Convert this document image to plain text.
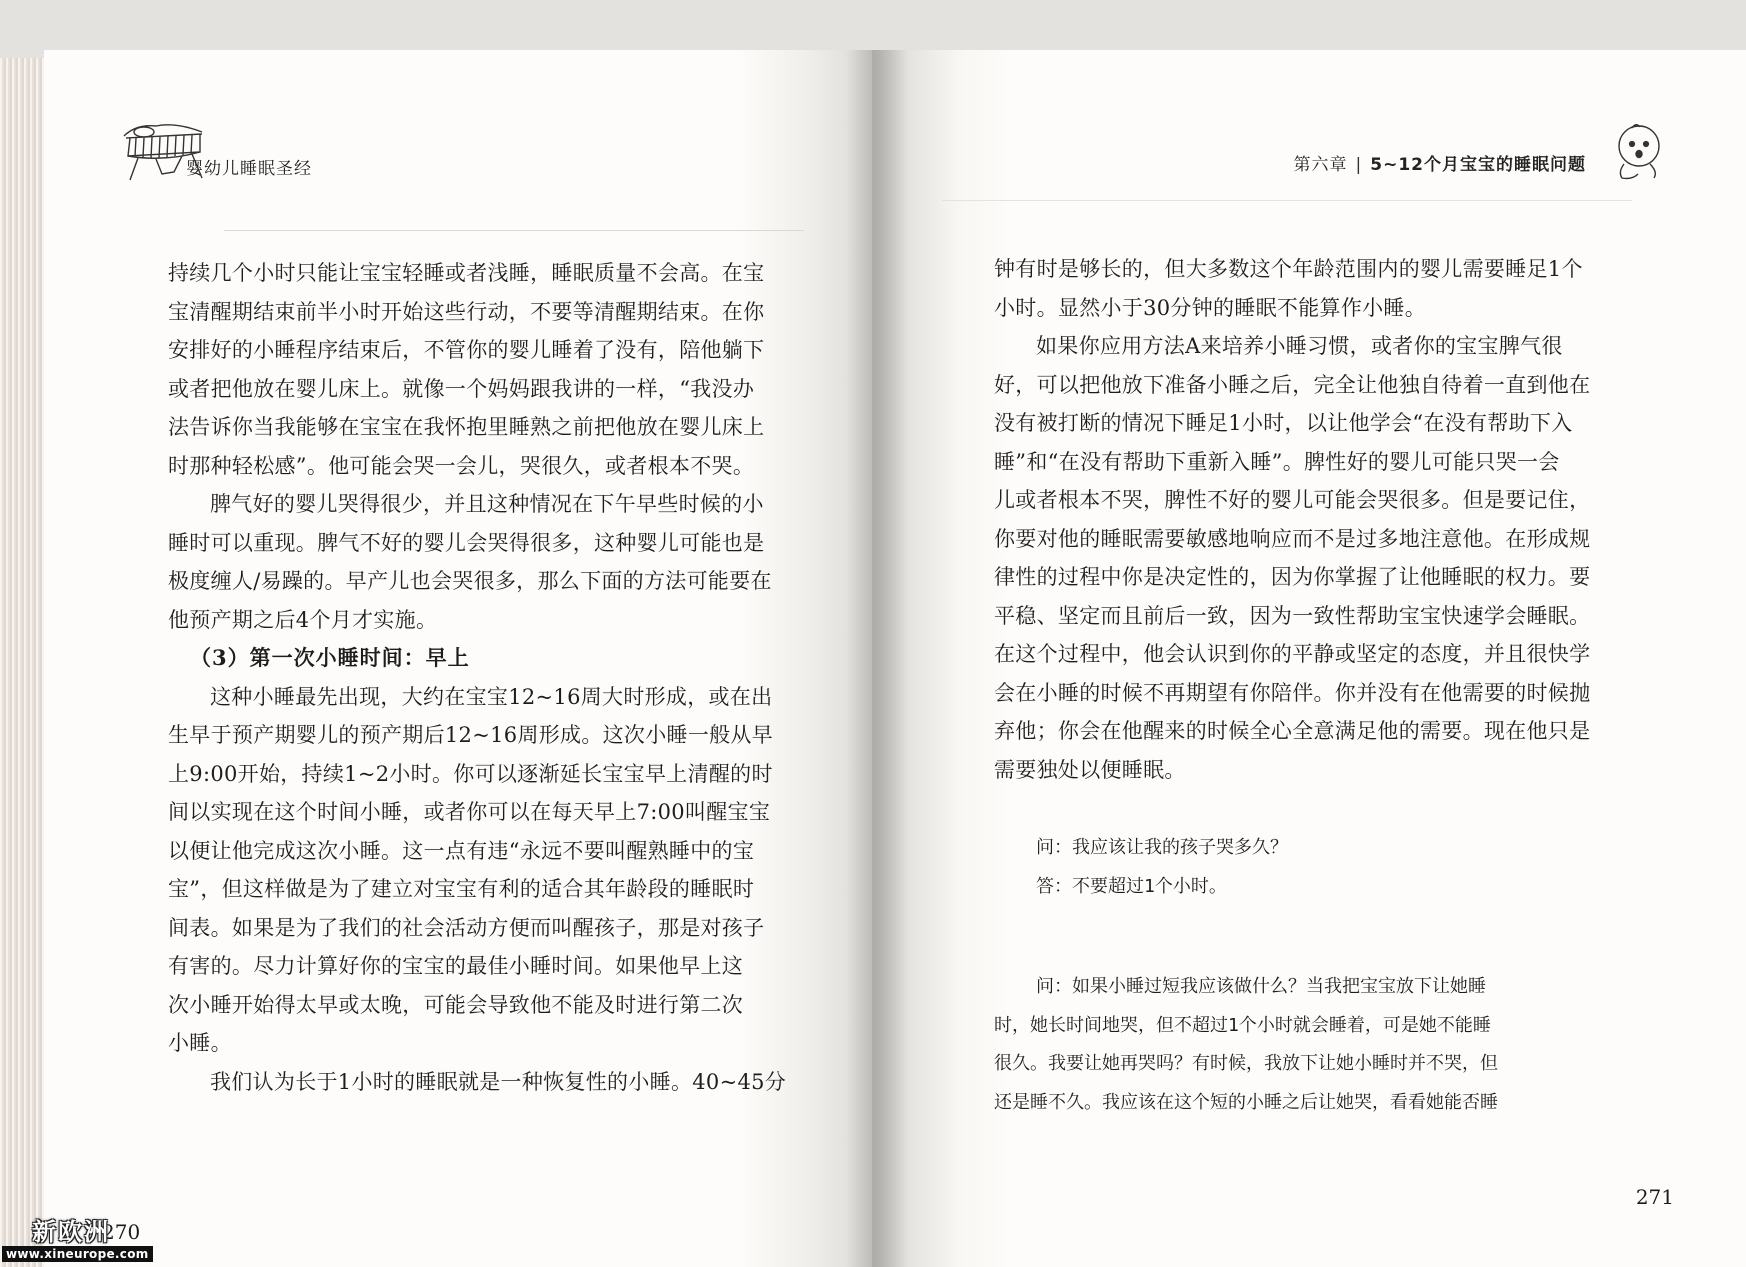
婴幼儿睡眠圣经
持续几个小时只能让宝宝轻睡或者浅睡，睡眠质量不会高。在宝
宝清醒期结束前半小时开始这些行动，不要等清醒期结束。在你
安排好的小睡程序结束后，不管你的婴儿睡着了没有，陪他躺下
或者把他放在婴儿床上。就像一个妈妈跟我讲的一样，“我没办
法告诉你当我能够在宝宝在我怀抱里睡熟之前把他放在婴儿床上
时那种轻松感”。他可能会哭一会儿，哭很久，或者根本不哭。
脾气好的婴儿哭得很少，并且这种情况在下午早些时候的小
睡时可以重现。脾气不好的婴儿会哭得很多，这种婴儿可能也是
极度缠人/易躁的。早产儿也会哭很多，那么下面的方法可能要在
他预产期之后4个月才实施。
（3）第一次小睡时间：早上
这种小睡最先出现，大约在宝宝12~16周大时形成，或在出
生早于预产期婴儿的预产期后12~16周形成。这次小睡一般从早
上9:00开始，持续1~2小时。你可以逐渐延长宝宝早上清醒的时
间以实现在这个时间小睡，或者你可以在每天早上7:00叫醒宝宝
以便让他完成这次小睡。这一点有违“永远不要叫醒熟睡中的宝
宝”，但这样做是为了建立对宝宝有利的适合其年龄段的睡眠时
间表。如果是为了我们的社会活动方便而叫醒孩子，那是对孩子
有害的。尽力计算好你的宝宝的最佳小睡时间。如果他早上这
次小睡开始得太早或太晚，可能会导致他不能及时进行第二次
小睡。
我们认为长于1小时的睡眠就是一种恢复性的小睡。40~45分
270
第六章 | 5~12个月宝宝的睡眠问题
钟有时是够长的，但大多数这个年龄范围内的婴儿需要睡足1个
小时。显然小于30分钟的睡眠不能算作小睡。
如果你应用方法A来培养小睡习惯，或者你的宝宝脾气很
好，可以把他放下准备小睡之后，完全让他独自待着一直到他在
没有被打断的情况下睡足1小时，以让他学会“在没有帮助下入
睡”和“在没有帮助下重新入睡”。脾性好的婴儿可能只哭一会
儿或者根本不哭，脾性不好的婴儿可能会哭很多。但是要记住，
你要对他的睡眠需要敏感地响应而不是过多地注意他。在形成规
律性的过程中你是决定性的，因为你掌握了让他睡眠的权力。要
平稳、坚定而且前后一致，因为一致性帮助宝宝快速学会睡眠。
在这个过程中，他会认识到你的平静或坚定的态度，并且很快学
会在小睡的时候不再期望有你陪伴。你并没有在他需要的时候抛
弃他；你会在他醒来的时候全心全意满足他的需要。现在他只是
需要独处以便睡眠。
问：我应该让我的孩子哭多久？
答：不要超过1个小时。
问：如果小睡过短我应该做什么？当我把宝宝放下让她睡
时，她长时间地哭，但不超过1个小时就会睡着，可是她不能睡
很久。我要让她再哭吗？有时候，我放下让她小睡时并不哭，但
还是睡不久。我应该在这个短的小睡之后让她哭，看看她能否睡
271
新欧洲
www.xineurope.com
